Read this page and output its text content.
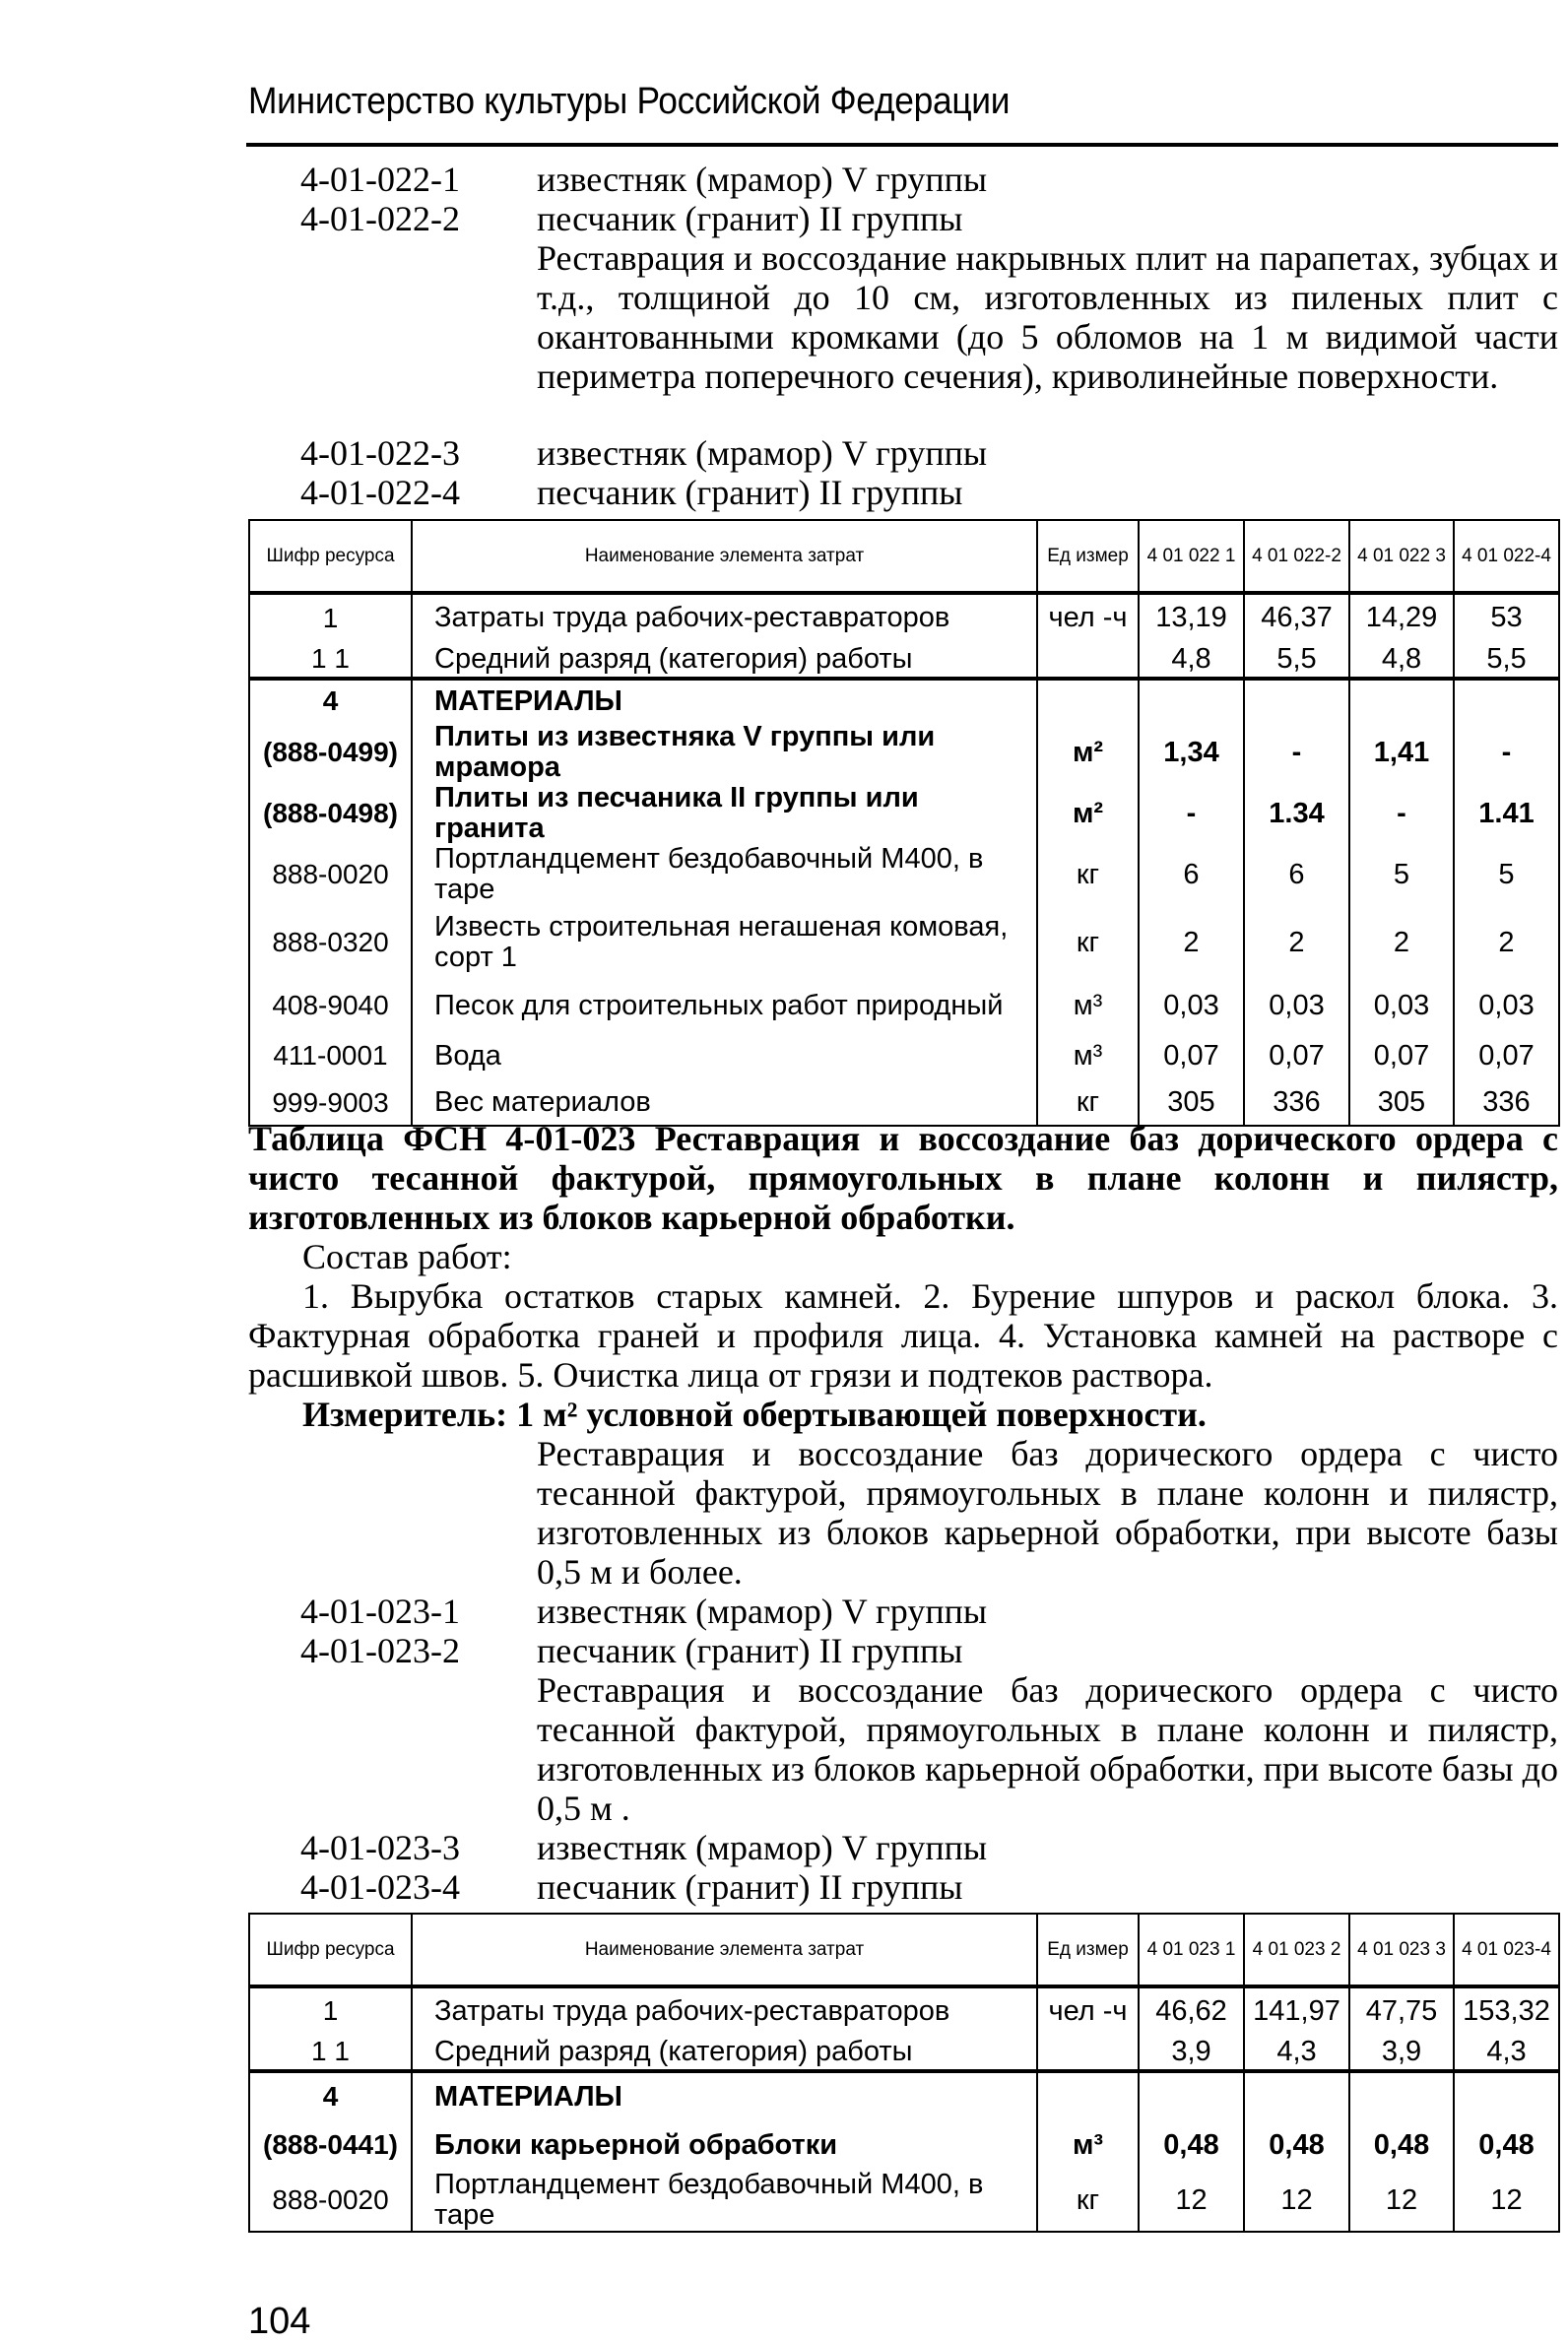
Министерство культуры Российской Федерации
4-01-022-1	известняк (мрамор) V группы
4-01-022-2	песчаник (гранит) II группы
Реставрация и воссоздание накрывных плит на парапетах, зубцах и т.д., толщиной до 10 см, изготовленных из пиленых плит с окантованными кромками (до 5 обломов на 1 м видимой части периметра поперечного сечения), криволинейные поверхности.
4-01-022-3	известняк (мрамор) V группы
4-01-022-4	песчаник (гранит) II группы
Шифр ресурса	Наименование элемента затрат	Ед измер	4 01 022 1	4 01 022-2	4 01 022 3	4 01 022-4
1	Затраты труда рабочих-реставраторов	чел -ч	13,19	46,37	14,29	53
1 1	Средний разряд (категория) работы		4,8	5,5	4,8	5,5
4	МАТЕРИАЛЫ					
(888-0499)	Плиты из известняка V группы или мрамора	м²	1,34	-	1,41	-
(888-0498)	Плиты из песчаника II группы или гранита	м²	-	1.34	-	1.41
888-0020	Портландцемент бездобавочный М400, в таре	кг	6	6	5	5
888-0320	Известь строительная негашеная комовая, сорт 1	кг	2	2	2	2
408-9040	Песок для строительных работ природный	м³	0,03	0,03	0,03	0,03
411-0001	Вода	м³	0,07	0,07	0,07	0,07
999-9003	Вес материалов	кг	305	336	305	336
Таблица ФСН 4-01-023 Реставрация и воссоздание баз дорического ордера с чисто тесанной фактурой, прямоугольных в плане колонн и пилястр, изготовленных из блоков карьерной обработки.
Состав работ:
1. Вырубка остатков старых камней. 2. Бурение шпуров и раскол блока. 3. Фактурная обработка граней и профиля лица. 4. Установка камней на растворе с расшивкой швов. 5. Очистка лица от грязи и подтеков раствора.
Измеритель: 1 м² условной обертывающей поверхности.
Реставрация и воссоздание баз дорического ордера с чисто тесанной фактурой, прямоугольных в плане колонн и пилястр, изготовленных из блоков карьерной обработки, при высоте базы 0,5 м и более.
4-01-023-1	известняк (мрамор) V группы
4-01-023-2	песчаник (гранит) II группы
Реставрация и воссоздание баз дорического ордера с чисто тесанной фактурой, прямоугольных в плане колонн и пилястр, изготовленных из блоков карьерной обработки, при высоте базы до 0,5 м .
4-01-023-3	известняк (мрамор) V группы
4-01-023-4	песчаник (гранит) II группы
Шифр ресурса	Наименование элемента затрат	Ед измер	4 01 023 1	4 01 023 2	4 01 023 3	4 01 023-4
1	Затраты труда рабочих-реставраторов	чел -ч	46,62	141,97	47,75	153,32
1 1	Средний разряд (категория) работы		3,9	4,3	3,9	4,3
4	МАТЕРИАЛЫ					
(888-0441)	Блоки карьерной обработки	м³	0,48	0,48	0,48	0,48
888-0020	Портландцемент бездобавочный М400, в таре	кг	12	12	12	12
104
